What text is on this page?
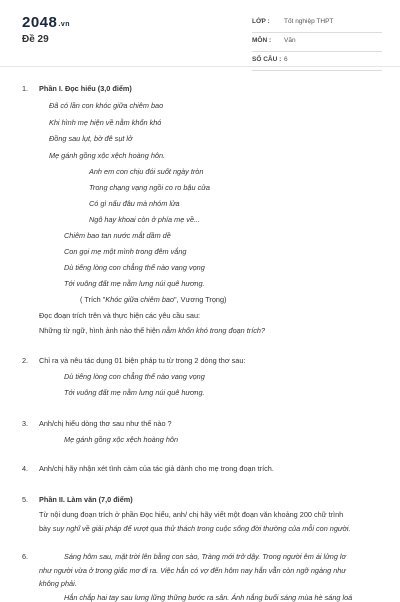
2048.vn
Đề 29
LỚP : Tốt nghiệp THPT
MÔN : Văn
SỐ CÂU : 6
1. Phần I. Đọc hiểu (3,0 điểm)
Đã có lần con khóc giữa chiêm bao
Khi hình mẹ hiện về nằm khốn khó
Đồng sau lụt, bờ đê sụt lở
Mẹ gánh gồng xộc xệch hoàng hôn.
Anh em con chịu đói suốt ngày tròn
Trong chạng vạng ngồi co ro bậu cửa
Có gì nấu đâu mà nhóm lửa
Ngô hay khoai còn ở phía mẹ về...
Chiêm bao tan nước mắt dầm dề
Con gọi mẹ một mình trong đêm vắng
Dù tiếng lòng con chẳng thể nào vang vọng
Tới vuông đất mẹ nằm lưng núi quê hương.
( Trích "Khóc giữa chiêm bao", Vương Trọng)
Đọc đoạn trích trên và thực hiện các yêu cầu sau:
Những từ ngữ, hình ảnh nào thể hiện nằm khốn khó trong đoạn trích?
2. Chỉ ra và nêu tác dụng 01 biện pháp tu từ trong 2 dòng thơ sau:
Dù tiếng lòng con chẳng thể nào vang vọng
Tới vuông đất mẹ nằm lưng núi quê hương.
3. Anh/chị hiểu dòng thơ sau như thế nào ?
Mẹ gánh gồng xộc xệch hoàng hôn
4. Anh/chị hãy nhận xét tình cảm của tác giả dành cho mẹ trong đoạn trích.
5. Phần II. Làm văn (7,0 điểm)
Từ nội dung đoạn trích ở phần Đọc hiểu, anh/ chị hãy viết một đoạn văn khoảng 200 chữ trình
bày suy nghĩ về giải pháp để vượt qua thử thách trong cuộc sống đời thường của mỗi con người.
6.	Sáng hôm sau, mặt trời lên bằng con sào, Tràng mới trở dậy. Trong người êm ái lửng lơ
như người vừa ở trong giấc mơ đi ra. Việc hắn có vợ đến hôm nay hắn vẫn còn ngỡ ngàng như
không phải.
Hắn chắp hai tay sau lưng lững thững bước ra sân. Ánh nắng buổi sáng mùa hè sáng loá
